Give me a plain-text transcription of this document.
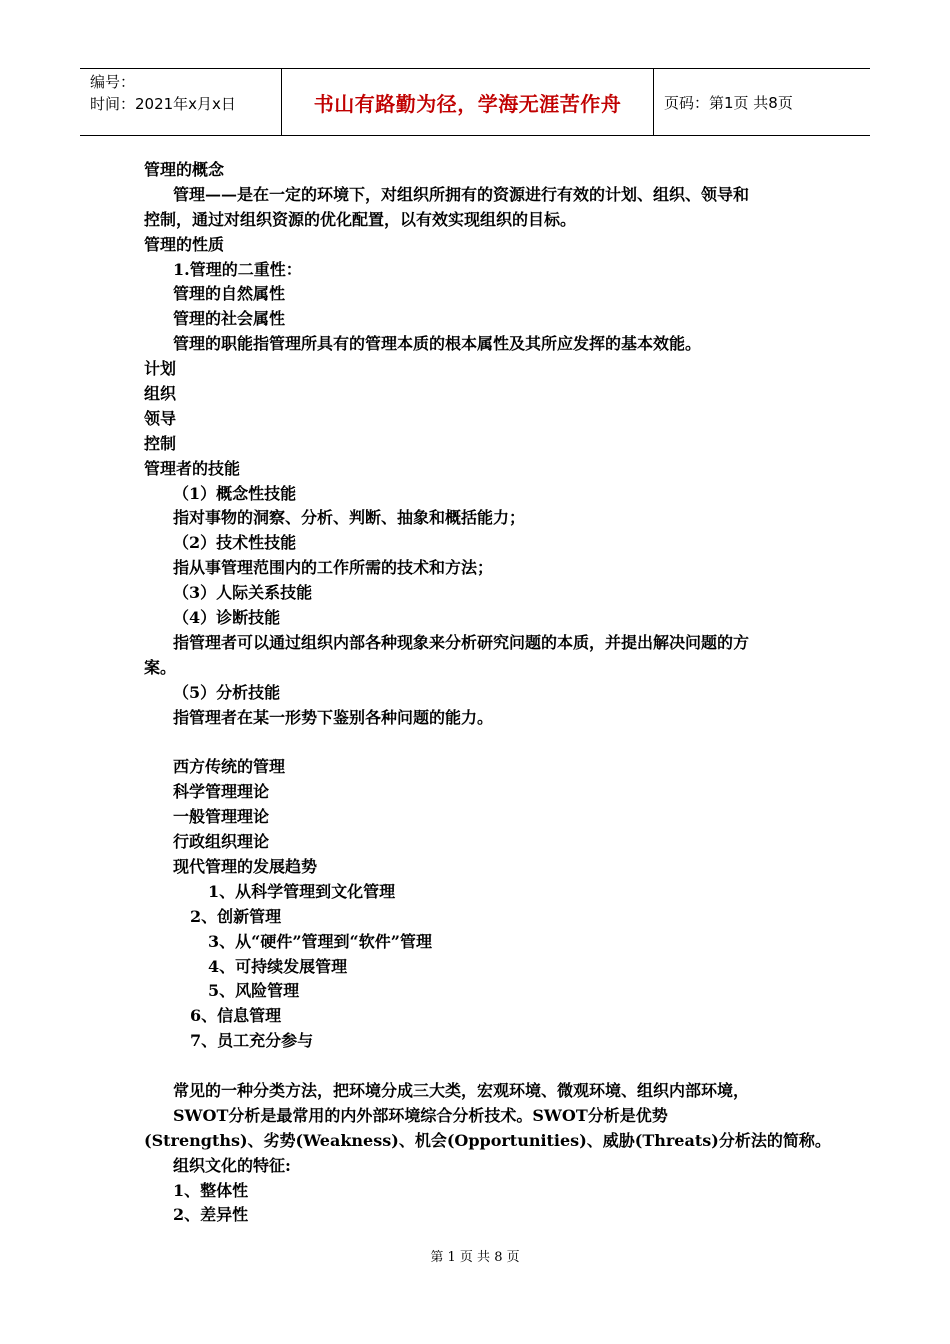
编号：
时间：2021年x月x日	书山有路勤为径，学海无涯苦作舟	页码：第1页 共8页
管理的概念
管理——是在一定的环境下，对组织所拥有的资源进行有效的计划、组织、领导和
控制，通过对组织资源的优化配置，以有效实现组织的目标。
管理的性质
1.管理的二重性：
管理的自然属性
管理的社会属性
管理的职能指管理所具有的管理本质的根本属性及其所应发挥的基本效能。
计划
组织
领导
控制
管理者的技能
（1）概念性技能
指对事物的洞察、分析、判断、抽象和概括能力；
（2）技术性技能
指从事管理范围内的工作所需的技术和方法；
（3）人际关系技能
（4）诊断技能
指管理者可以通过组织内部各种现象来分析研究问题的本质，并提出解决问题的方
案。
（5）分析技能
指管理者在某一形势下鉴别各种问题的能力。
西方传统的管理
科学管理理论
一般管理理论
行政组织理论
现代管理的发展趋势
1、从科学管理到文化管理
2、创新管理
3、从“硬件”管理到“软件”管理
4、可持续发展管理
5、风险管理
6、信息管理
7、员工充分参与
常见的一种分类方法，把环境分成三大类，宏观环境、微观环境、组织内部环境，
SWOT分析是最常用的内外部环境综合分析技术。SWOT分析是优势
(Strengths)、劣势(Weakness)、机会(Opportunities)、威胁(Threats)分析法的简称。
组织文化的特征:
1、整体性
2、差异性
第 1 页 共 8 页
